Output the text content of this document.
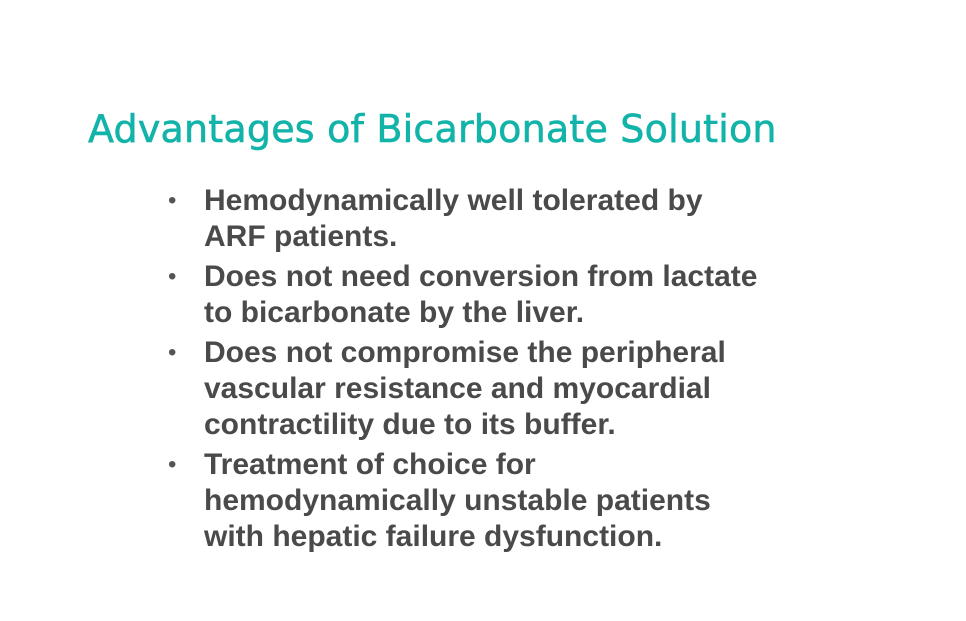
Advantages of Bicarbonate Solution
• Hemodynamically well tolerated by
ARF patients.
• Does not need conversion from lactate
to bicarbonate by the liver.
• Does not compromise the peripheral
vascular resistance and myocardial
contractility due to its buffer.
• Treatment of choice for
hemodynamically unstable patients
with hepatic failure dysfunction.
